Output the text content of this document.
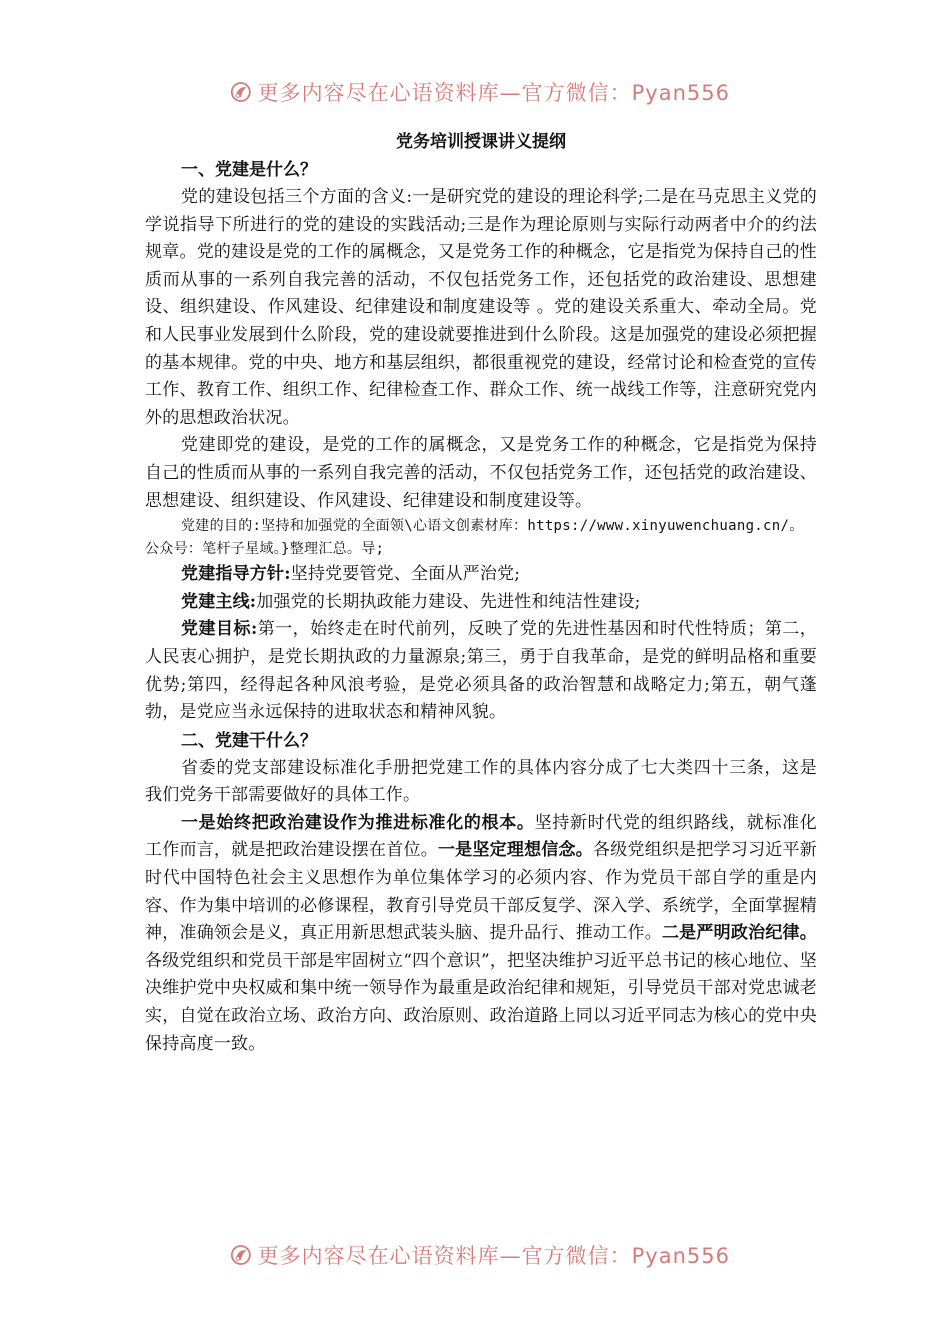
更多内容尽在心语资料库—官方微信：Pyan556

党务培训授课讲义提纲

一、党建是什么？

党的建设包括三个方面的含义:一是研究党的建设的理论科学;二是在马克思主义党的学说指导下所进行的党的建设的实践活动;三是作为理论原则与实际行动两者中介的约法规章。党的建设是党的工作的属概念，又是党务工作的种概念，它是指党为保持自己的性质而从事的一系列自我完善的活动，不仅包括党务工作，还包括党的政治建设、思想建设、组织建设、作风建设、纪律建设和制度建设等 。党的建设关系重大、牵动全局。党和人民事业发展到什么阶段，党的建设就要推进到什么阶段。这是加强党的建设必须把握的基本规律。党的中央、地方和基层组织，都很重视党的建设，经常讨论和检查党的宣传工作、教育工作、组织工作、纪律检查工作、群众工作、统一战线工作等，注意研究党内外的思想政治状况。

党建即党的建设，是党的工作的属概念，又是党务工作的种概念，它是指党为保持自己的性质而从事的一系列自我完善的活动，不仅包括党务工作，还包括党的政治建设、思想建设、组织建设、作风建设、纪律建设和制度建设等。

党建的目的:坚持和加强党的全面领\心语文创素材库：https://www.xinyuwenchuang.cn/。公众号：笔杆子星域。}整理汇总。导;

党建指导方针:坚持党要管党、全面从严治党;

党建主线:加强党的长期执政能力建设、先进性和纯洁性建设;

党建目标:第一，始终走在时代前列，反映了党的先进性基因和时代性特质；第二，人民衷心拥护，是党长期执政的力量源泉;第三，勇于自我革命，是党的鲜明品格和重要优势;第四，经得起各种风浪考验，是党必须具备的政治智慧和战略定力;第五，朝气蓬勃，是党应当永远保持的进取状态和精神风貌。

二、党建干什么？

省委的党支部建设标准化手册把党建工作的具体内容分成了七大类四十三条，这是我们党务干部需要做好的具体工作。

一是始终把政治建设作为推进标准化的根本。坚持新时代党的组织路线，就标准化工作而言，就是把政治建设摆在首位。一是坚定理想信念。各级党组织是把学习习近平新时代中国特色社会主义思想作为单位集体学习的必须内容、作为党员干部自学的重是内容、作为集中培训的必修课程，教育引导党员干部反复学、深入学、系统学，全面掌握精神，准确领会是义，真正用新思想武装头脑、提升品行、推动工作。二是严明政治纪律。各级党组织和党员干部是牢固树立“四个意识”，把坚决维护习近平总书记的核心地位、坚决维护党中央权威和集中统一领导作为最重是政治纪律和规矩，引导党员干部对党忠诚老实，自觉在政治立场、政治方向、政治原则、政治道路上同以习近平同志为核心的党中央保持高度一致。

更多内容尽在心语资料库—官方微信：Pyan556
